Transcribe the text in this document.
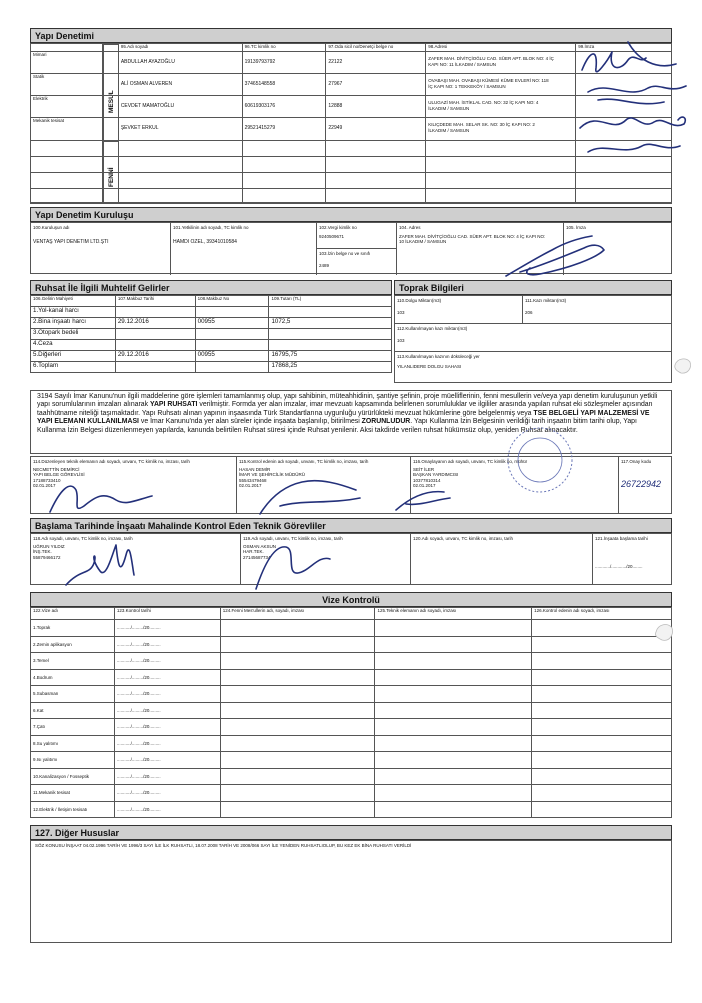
Yapı Denetimi
MESUL
FENNİ
		95.Adı soyadı	96.TC kimlik no	97.Oda sicil no/Denetçi belge no	98.Adresi	99.İmza
Mimari		ABDULLAH AYAZOĞLU	19139793792	22122	ZAFER MAH. DİVİTÇİOĞLU CAD. SÜER APT. BLOK NO: 4 İÇ
KAPI NO: 11 İLKADIM / SAMSUN	

Statik		ALİ OSMAN ALVEREN	37465148558	27967	OVABAŞI MAH. OVABAŞI KÜMESİ KÜME EVLERİ NO: 118
İÇ KAPI NO: 1 TEKKEKÖY / SAMSUN	

Elektrik		CEVDET MAMATOĞLU	60619303176	12888	ULUGAZİ MAH. İSTİKLAL CAD. NO: 32 İÇ KAPI NO: 4
İLKADIM / SAMSUN	

Mekanik tesisat		ŞEVKET ERKUL	29521415279	22949	KILIÇDEDE MAH. SELAR SK. NO: 30 İÇ KAPI NO: 2
İLKADIM / SAMSUN	

Yapı Denetim Kuruluşu
100.Kuruluşun adı
VENTAŞ YAPI DENETİM LTD.ŞTİ
101.Yetkilinin adı soyadı, TC kimlik no
HAMDİ ÖZEL, 39341010584
102.Vergi kimlik no
9240509671
103.İzin belge no ve sınıfı
2489
104. Adres
ZAFER MAH. DİVİTÇİOĞLU CAD. SÜER APT. BLOK NO: 4 İÇ KAPI NO:
10 İLKADIM / SAMSUN
105. İmza
Ruhsat İle İlgili Muhtelif Gelirler
106.Gelirin Mahiyeti	107.Makbuz Tarihi	108.Makbuz No	109.Tutarı (TL)
1.Yol-kanal harcı			
2.Bina inşaatı harcı	29.12.2016	00955	1072,5
3.Otopark bedeli			
4.Ceza			
5.Diğerleri	29.12.2016	00955	16795,75
6.Toplam			17868,25
Toprak Bilgileri
110.Dolgu Miktarı(m3)
103
111.Kazı miktarı(m3)
206
112.Kullanılmayan kazı miktarı(m3)
103
113.Kullanılmayan kazının döküleceği yer
YILANLIDERE DOLGU SAHASI
3194 Sayılı İmar Kanunu'nun ilgili maddelerine göre işlemleri tamamlanmış olup, yapı sahibinin, müteahhidinin, şantiye şefinin, proje müelliflerinin, fenni mesullerin ve/veya yapı denetim kuruluşunun yetkili yapı sorumlularının imzaları alınarak YAPI RUHSATI verilmiştir. Formda yer alan imzalar, imar mevzuatı kapsamında belirlenen sorumluluklar ve ilgililer arasında yapılan ruhsat eki sözleşmeler açısından taahhütname niteliği taşımaktadır. Yapı Ruhsatı alınan yapının inşaasında Türk Standartlarına uygunluğu yürürlükteki mevzuat hükümlerine göre belgelenmiş veya TSE BELGELİ YAPI MALZEMESİ VE YAPI ELEMANI KULLANILMASI ve İmar Kanunu'nda yer alan süreler içinde inşaata başlanılıp, bitirilmesi ZORUNLUDUR. Yapı Kullanma İzin Belgesinin verildiği tarih inşaatın bitim tarihi olup, Yapı Kullanma İzin Belgesi düzenlenmeyen yapılarda, kanunda belirtilen Ruhsat süresi içinde Ruhsat yenilenir. Aksi takdirde verilen ruhsat hükümsüz olup, yeniden Ruhsat alınacaktır.
114.Düzenleyen teknik elemanın adı soyadı, unvanı, TC kimlik no, imzası, tarih
NECMETTİN DEMİRCİ
YAPI BELGE GÖREVLİSİ
17188733410
02.01.2017
115.Kontrol edenin adı soyadı, unvanı, TC kimlik no, imzası, tarih
HASAN DEMİR
İMAR VE ŞEHİRCİLİK MÜDÜRÜ
55543479468
02.01.2017
116.Onaylayanın adı soyadı, unvanı, TC kimlik no, mühür
SEİT İLER
BAŞKAN YARDIMCISI
10377810314
02.01.2017
117.Onay kodu
26722942
Başlama Tarihinde İnşaatı Mahalinde Kontrol Eden Teknik Görevliler
118.Adı soyadı, unvanı, TC kimlik no, imzası, tarih
UĞRUN YILDIZ
İNŞ.TEK.
55879466172
119.Adı soyadı, unvanı, TC kimlik no, imzası, tarih
OSMAN AKSUN
HAR.TEK.
27145687734
120.Adı soyadı, unvanı, TC kimlik no, imzası, tarih	121.İnşaata başlama tarihi
............/............/20........
Vize Kontrolü
122.Vize adı	123.Kontrol tarihi	124.Fenni Mes'ullerin adı, soyadı, imzası	125.Teknik elemanın adı soyadı, imzası	126.Kontrol edenin adı soyadı, imzası
1.Toprak	.........../........./20.........			
2.Zemin aplikasyon	.........../........./20.........			
3.Temel	.........../........./20.........			
4.Bodrum	.........../........./20.........			
5.Subasman	.........../........./20.........			
6.Kat	.........../........./20.........			
7.Çatı	.........../........./20.........			
8.Su yalıtımı	.........../........./20.........			
9.Isı yalıtımı	.........../........./20.........			
10.Kanalizasyon / Fosseptik	.........../........./20.........			
11.Mekanik tesisat	.........../........./20.........			
12.Elektrik / İletişim tesisatı	.........../........./20.........			
127. Diğer Hususlar
SÖZ KONUSU İNŞAAT 04.02.1996 TARİH VE 1996/3 SAYI İLE İLK RUHSATLI, 18.07.2008 TARİH VE 2008/066 SAYI İLE YENİDEN RUHSATLIOLUP, BU KEZ EK BİNA RUHSATI VERİLDİ
